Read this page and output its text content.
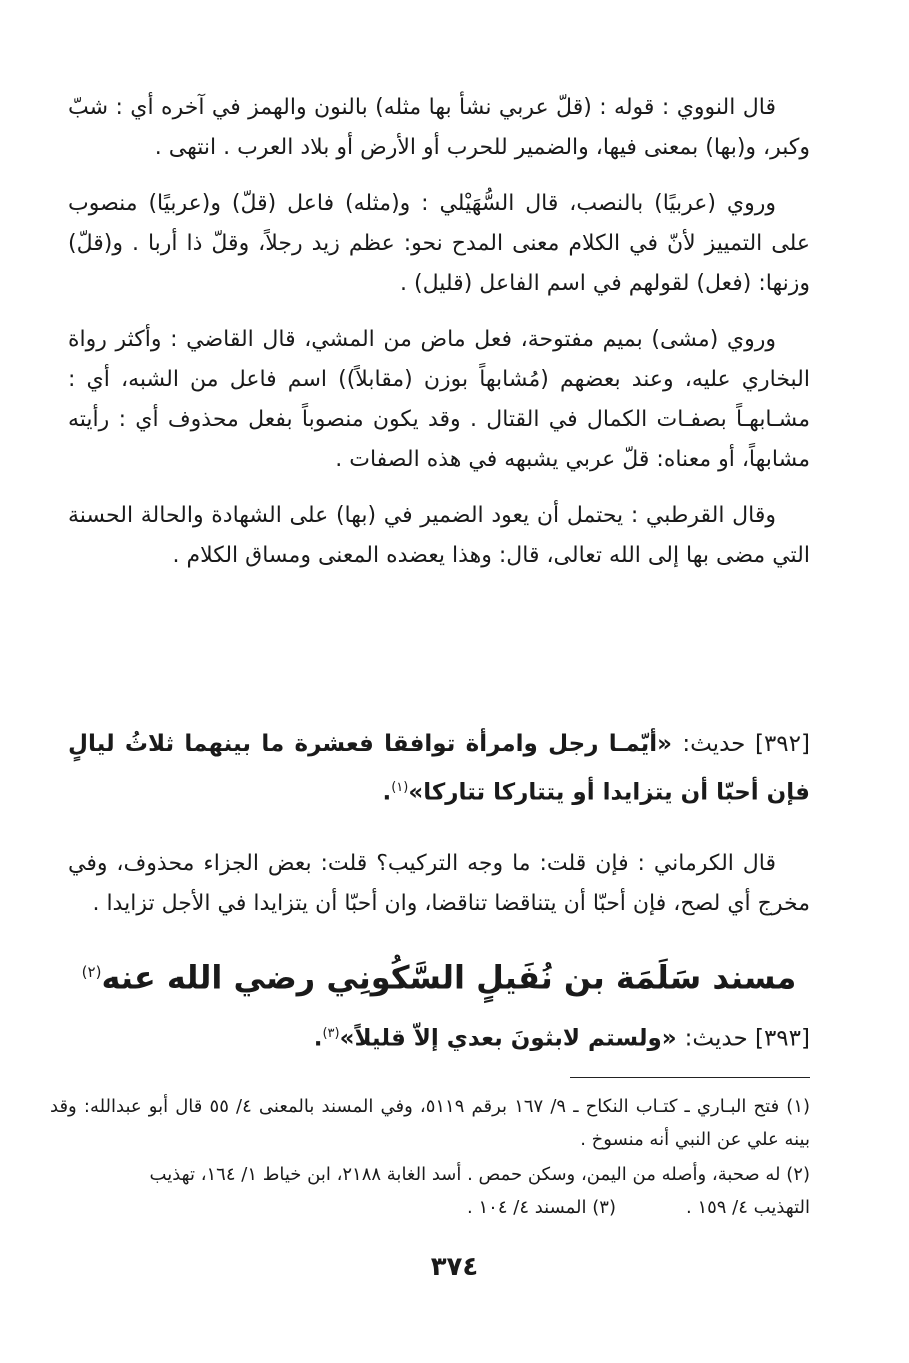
قال النووي : قوله : (قلّ عربي نشأ بها مثله) بالنون والهمز في آخره أي : شبّ وكبر، و(بها) بمعنى فيها، والضمير للحرب أو الأرض أو بلاد العرب . انتهى .

وروي (عربيًا) بالنصب، قال السُّهَيْلي : و(مثله) فاعل (قلّ) و(عربيًا) منصوب على التمييز لأنّ في الكلام معنى المدح نحو: عظم زيد رجلاً، وقلّ ذا أربا . و(قلّ) وزنها: (فعل) لقولهم في اسم الفاعل (قليل) .

وروي (مشى) بميم مفتوحة، فعل ماض من المشي، قال القاضي : وأكثر رواة البخاري عليه، وعند بعضهم (مُشابهاً بوزن (مقابلاً)) اسم فاعل من الشبه، أي : مشـابهـاً بصفـات الكمال في القتال . وقد يكون منصوباً بفعل محذوف أي : رأيته مشابهاً، أو معناه: قلّ عربي يشبهه في هذه الصفات .

وقال القرطبي : يحتمل أن يعود الضمير في (بها) على الشهادة والحالة الحسنة التي مضى بها إلى الله تعالى، قال: وهذا يعضده المعنى ومساق الكلام .

[٣٩٢] حديث: «أيّمـا رجل وامرأة توافقا فعشرة ما بينهما ثلاثُ ليالٍ فإن أحبّا أن يتزايدا أو يتتاركا تتاركا»$^{(١)}$.

قال الكرماني : فإن قلت: ما وجه التركيب؟ قلت: بعض الجزاء محذوف، وفي مخرج أي لصح، فإن أحبّا أن يتناقضا تناقضا، وان أحبّا أن يتزايدا في الأجل تزايدا .

مسند سَلَمَة بن نُفَيلٍ السَّكُونِي رضي الله عنه$^{(٢)}$

[٣٩٣] حديث: «ولستم لابثونَ بعدي إلاّ قليلاً»$^{(٣)}$.

(١) فتح البـاري ـ كتـاب النكاح ـ ٩/ ١٦٧ برقم ٥١١٩، وفي المسند بالمعنى ٤/ ٥٥ قال أبو عبدالله: وقد بينه علي عن النبي أنه منسوخ .

(٢) له صحبة، وأصله من اليمن، وسكن حمص . أسد الغابة ٢١٨٨، ابن خياط ١/ ١٦٤، تهذيب

التهذيب ٤/ ١٥٩ .
(٣) المسند ٤/ ١٠٤ .
٣٧٤
